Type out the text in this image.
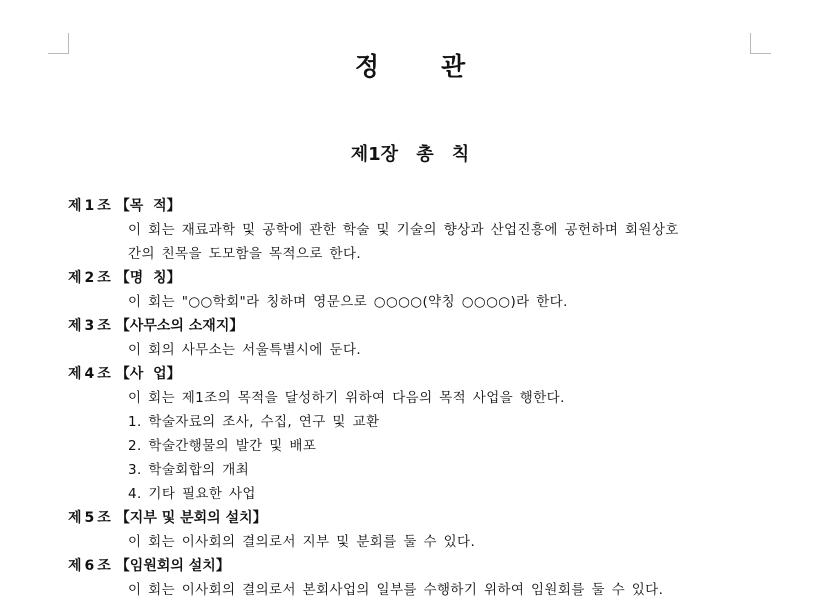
정관
제1장 총 칙
제1조 【목  적】
이 회는 재료과학 및 공학에 관한 학술 및 기술의 향상과 산업진흥에 공헌하며 회원상호
간의 친목을 도모함을 목적으로 한다.
제2조 【명  칭】
이 회는 "○○학회"라 칭하며 영문으로 ○○○○(약칭 ○○○○)라 한다.
제3조 【사무소의 소재지】
이 회의 사무소는 서울특별시에 둔다.
제4조 【사  업】
이 회는 제1조의 목적을 달성하기 위하여 다음의 목적 사업을 행한다.
1. 학술자료의 조사, 수집, 연구 및 교환
2. 학술간행물의 발간 및 배포
3. 학술회합의 개최
4. 기타 필요한 사업
제5조 【지부 및 분회의 설치】
이 회는 이사회의 결의로서 지부 및 분회를 둘 수 있다.
제6조 【임원회의 설치】
이 회는 이사회의 결의로서 본회사업의 일부를 수행하기 위하여 임원회를 둘 수 있다.
